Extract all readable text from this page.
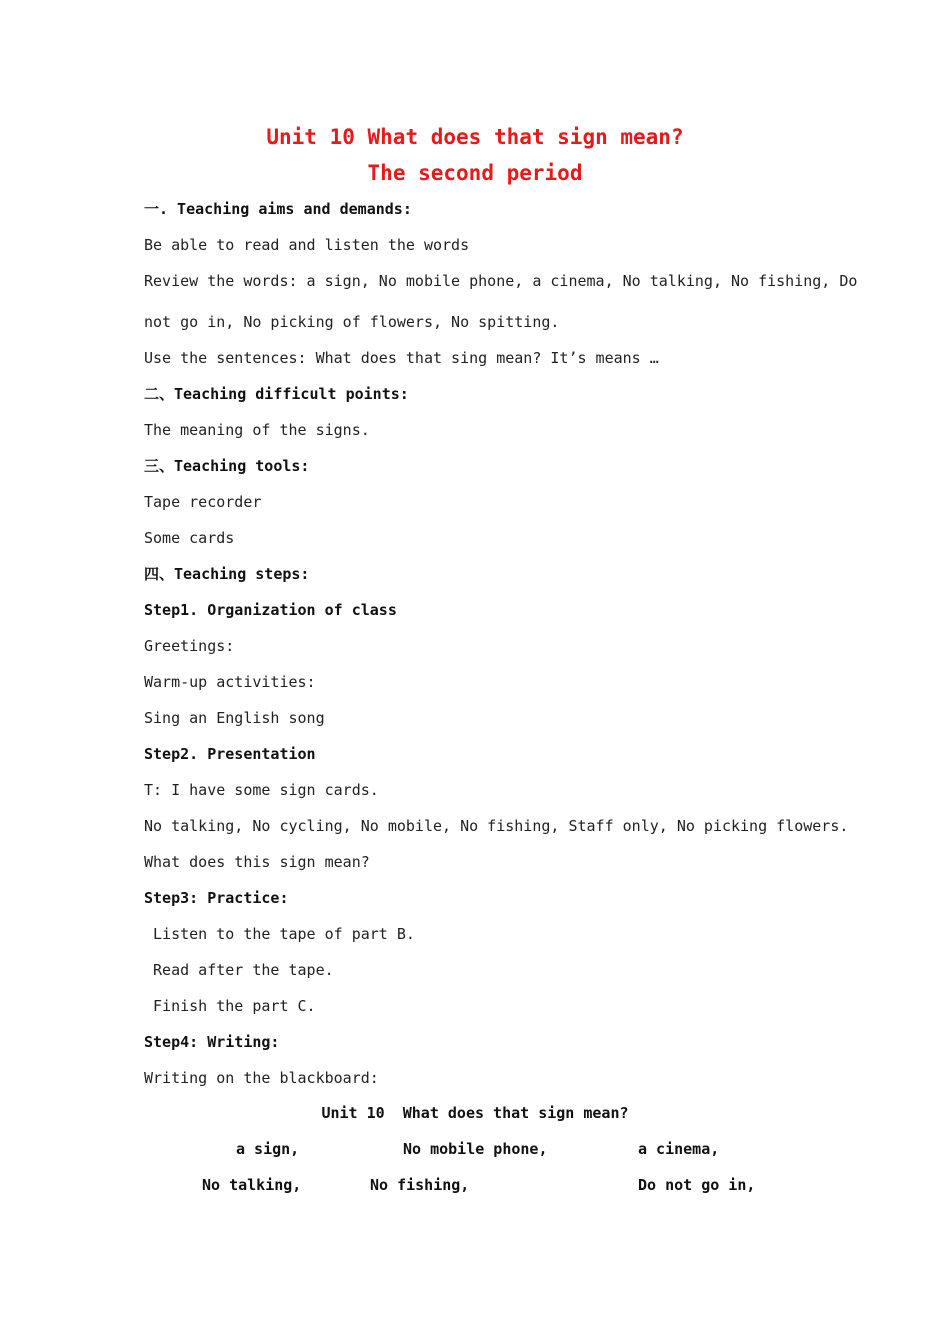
Unit 10 What does that sign mean?
The second period
一. Teaching aims and demands:
Be able to read and listen the words
Review the words: a sign, No mobile phone, a cinema, No talking, No fishing, Do
not go in, No picking of flowers, No spitting.
Use the sentences: What does that sing mean? It’s means …
二、Teaching difficult points:
The meaning of the signs.
三、Teaching tools:
Tape recorder
Some cards
四、Teaching steps:
Step1. Organization of class
Greetings:
Warm-up activities:
Sing an English song
Step2. Presentation
T: I have some sign cards.
No talking, No cycling, No mobile, No fishing, Staff only, No picking flowers.
What does this sign mean?
Step3: Practice:
Listen to the tape of part B.
Read after the tape.
Finish the part C.
Step4: Writing:
Writing on the blackboard:
Unit 10  What does that sign mean?
a sign,	No mobile phone,	a cinema,
No talking,	No fishing,	Do not go in,
